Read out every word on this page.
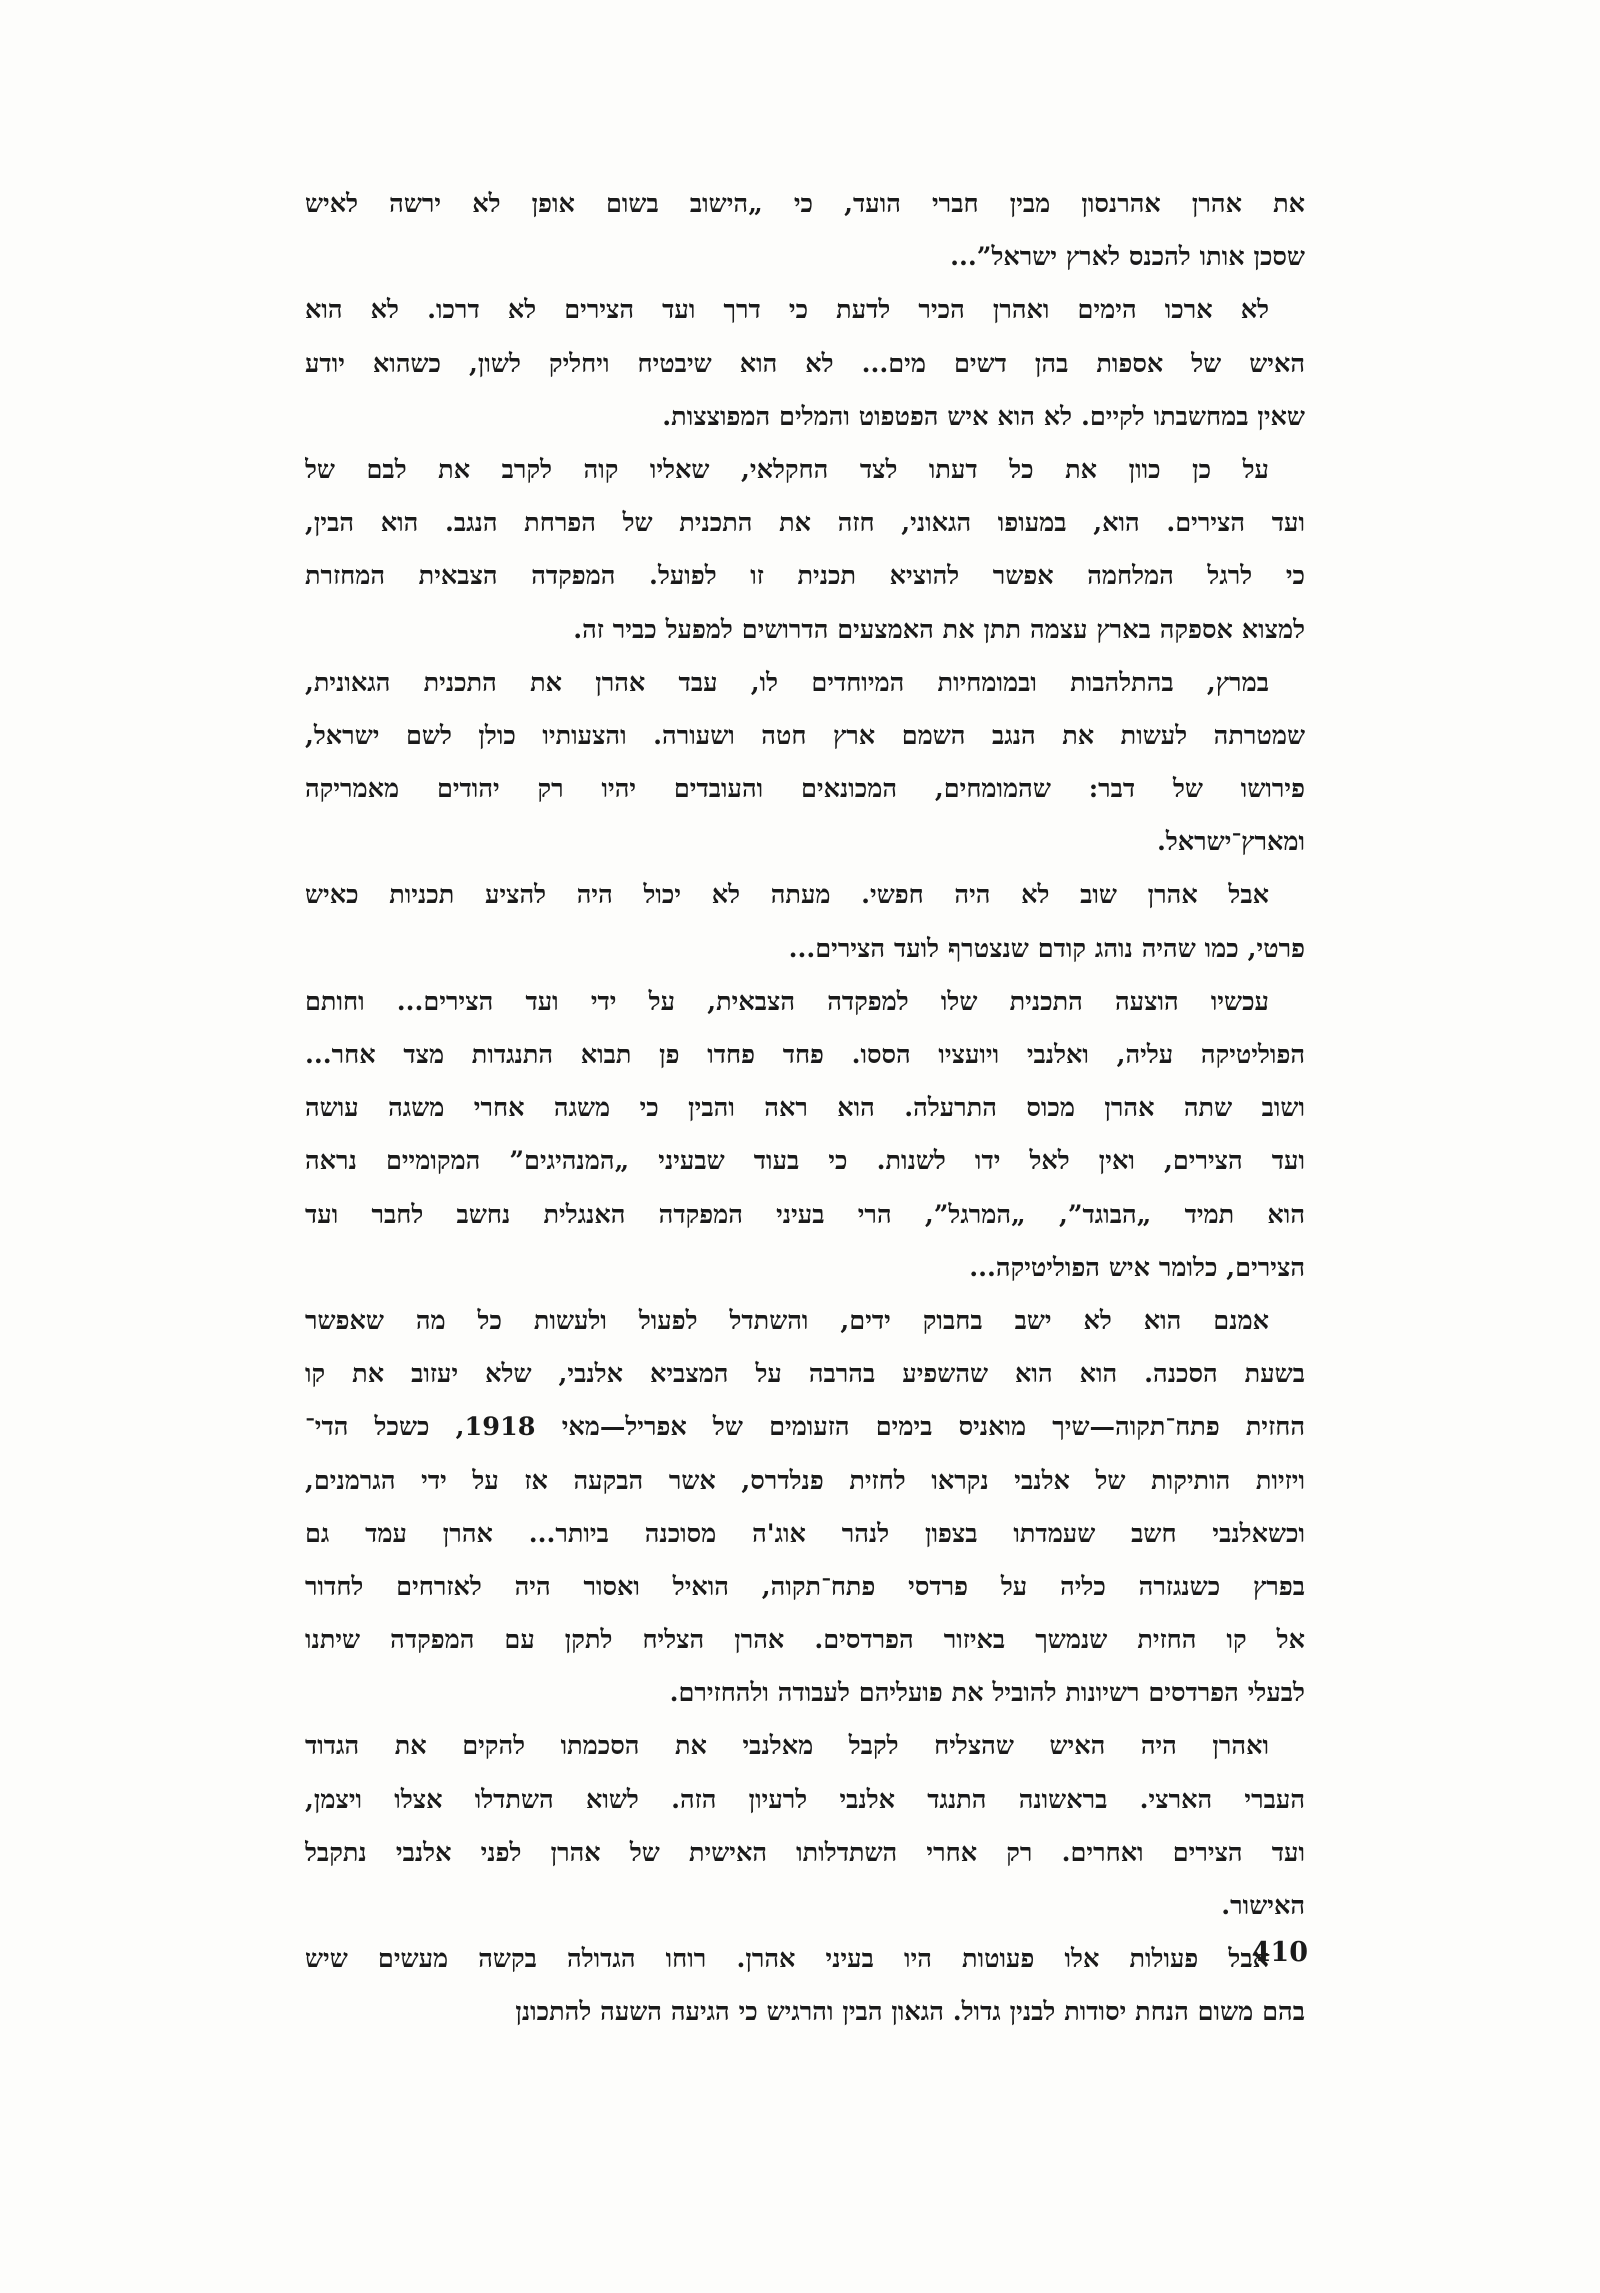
את אהרן אהרנסון מבין חברי הועד, כי „הישוב בשום אופן לא ירשה לאיש
שסכן אותו להכנס לארץ ישראל”...
לא ארכו הימים ואהרן הכיר לדעת כי דרך ועד הצירים לא דרכו. לא הוא
האיש של אספות בהן דשים מים... לא הוא שיבטיח ויחליק לשון, כשהוא יודע
שאין במחשבתו לקיים. לא הוא איש הפטפוט והמלים המפוצצות.
על כן כוון את כל דעתו לצד החקלאי, שאליו קוה לקרב את לבם של
ועד הצירים. הוא, במעופו הגאוני, חזה את התכנית של הפרחת הנגב. הוא הבין,
כי לרגל המלחמה אפשר להוציא תכנית זו לפועל. המפקדה הצבאית המחזרת
למצוא אספקה בארץ עצמה תתן את האמצעים הדרושים למפעל כביר זה.
במרץ, בהתלהבות ובמומחיות המיוחדים לו, עבד אהרן את התכנית הגאונית,
שמטרתה לעשות את הנגב השמם ארץ חטה ושעורה. והצעותיו כולן לשם ישראל,
פירושו של דבר: שהמומחים, המכונאים והעובדים יהיו רק יהודים מאמריקה
ומארץ־ישראל.
אבל אהרן שוב לא היה חפשי. מעתה לא יכול היה להציע תכניות כאיש
פרטי, כמו שהיה נוהג קודם שנצטרף לועד הצירים...
עכשיו הוצעה התכנית שלו למפקדה הצבאית, על ידי ועד הצירים... וחותם
הפוליטיקה עליה, ואלנבי ויועציו הססו. פחד פחדו פן תבוא התנגדות מצד אחר...
ושוב שתה אהרן מכוס התרעלה. הוא ראה והבין כי משגה אחרי משגה עושה
ועד הצירים, ואין לאל ידו לשנות. כי בעוד שבעיני „המנהיגים” המקומיים נראה
הוא תמיד „הבוגד”, „המרגל”, הרי בעיני המפקדה האנגלית נחשב לחבר ועד
הצירים, כלומר איש הפוליטיקה...
אמנם הוא לא ישב בחבוק ידים, והשתדל לפעול ולעשות כל מה שאפשר
בשעת הסכנה. הוא הוא שהשפיע בהרבה על המצביא אלנבי, שלא יעזוב את קו
החזית פתח־תקוה—שיך מואניס בימים הזעומים של אפריל—מאי 1918, כשכל הדי־
ויזיות הותיקות של אלנבי נקראו לחזית פנלדרס, אשר הבקעה אז על ידי הגרמנים,
וכשאלנבי חשב שעמדתו בצפון לנהר אוג'ה מסוכנה ביותר... אהרן עמד גם
בפרץ כשנגזרה כליה על פרדסי פתח־תקוה, הואיל ואסור היה לאזרחים לחדור
אל קו החזית שנמשך באיזור הפרדסים. אהרן הצליח לתקן עם המפקדה שיתנו
לבעלי הפרדסים רשיונות להוביל את פועליהם לעבודה ולהחזירם.
ואהרן היה האיש שהצליח לקבל מאלנבי את הסכמתו להקים את הגדוד
העברי הארצי. בראשונה התנגד אלנבי לרעיון הזה. לשוא השתדלו אצלו ויצמן,
ועד הצירים ואחרים. רק אחרי השתדלותו האישית של אהרן לפני אלנבי נתקבל
האישור.
אבל פעולות אלו פעוטות היו בעיני אהרן. רוחו הגדולה בקשה מעשים שיש
בהם משום הנחת יסודות לבנין גדול. הגאון הבין והרגיש כי הגיעה השעה להתכונן
410
